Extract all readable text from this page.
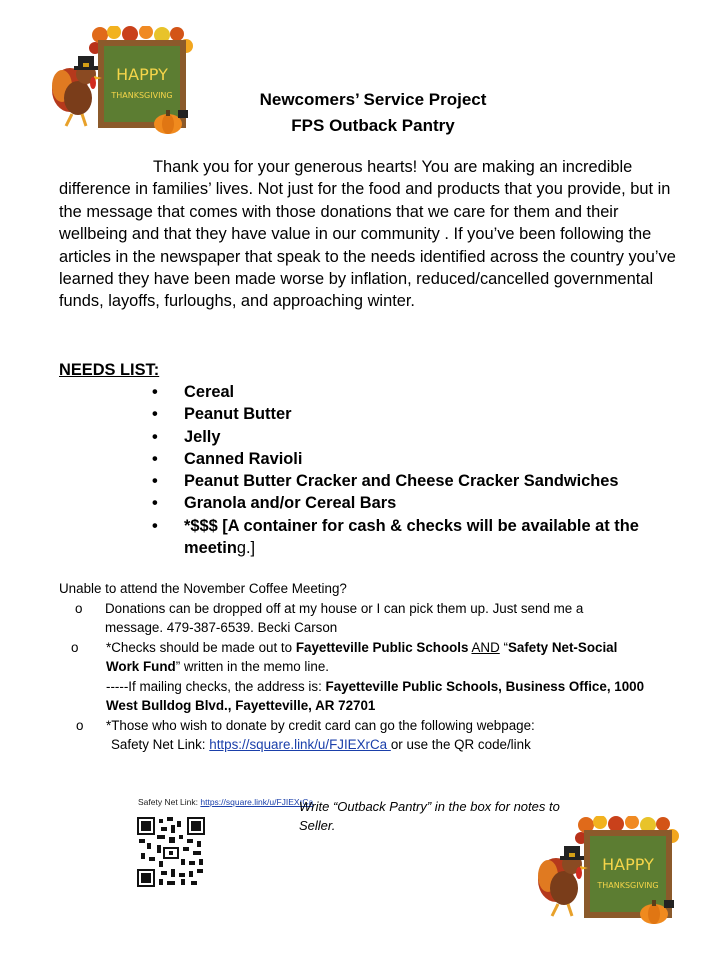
HAPPY
THANKSGIVING	Newcomers’ Service Project
FPS Outback Pantry
Thank you for your generous hearts! You are making an incredible difference in families’ lives. Not just for the food and products that you provide, but in the message that comes with those donations that we care for them and their wellbeing and that they have value in our community . If you’ve been following the articles in the newspaper that speak to the needs identified across the country you’ve learned they have been made worse by inflation, reduced/cancelled governmental funds, layoffs, furloughs, and approaching winter.
NEEDS LIST:
• Cereal
• Peanut Butter
• Jelly
• Canned Ravioli
• Peanut Butter Cracker and Cheese Cracker Sandwiches
• Granola and/or Cereal Bars
• *$$$ [A container for cash & checks will be available at the meeting.]
Unable to attend the November Coffee Meeting?
o Donations can be dropped off at my house or I can pick them up. Just send me a
message. 479-387-6539. Becki Carson
o *Checks should be made out to Fayetteville Public Schools AND “Safety Net-Social
Work Fund” written in the memo line.
-----If mailing checks, the address is: Fayetteville Public Schools, Business Office, 1000
West Bulldog Blvd., Fayetteville, AR 72701
o *Those who wish to donate by credit card can go the following webpage:
Safety Net Link: https://square.link/u/FJIEXrCa or use the QR code/link
Safety Net Link: https://square.link/u/FJIEXrCa
Write “Outback Pantry” in the box for notes to Seller.
HAPPY
THANKSGIVING
